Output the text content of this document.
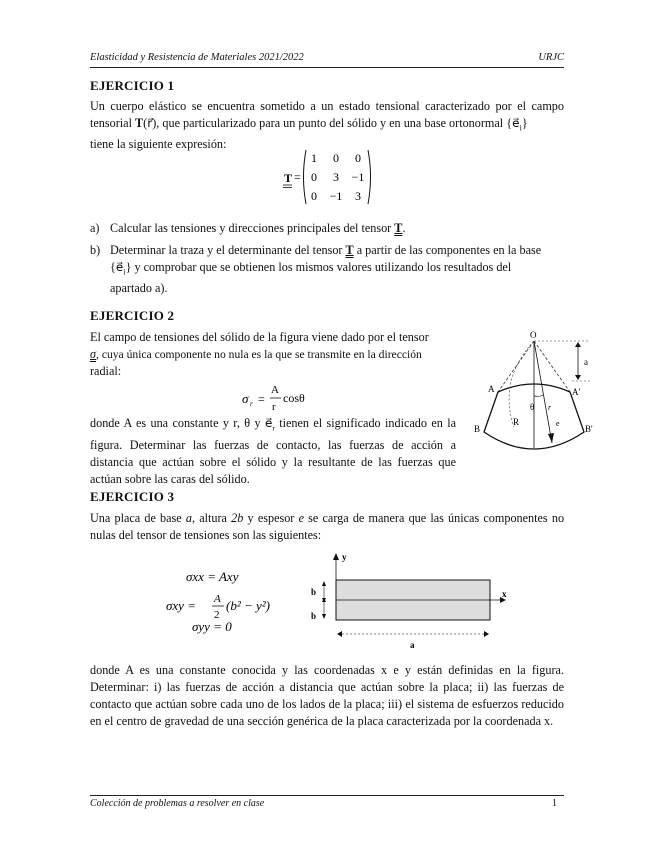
Elasticidad y Resistencia de Materiales 2021/2022	URJC
EJERCICIO 1
Un cuerpo elástico se encuentra sometido a un estado tensional caracterizado por el campo tensorial T(r⃗), que particularizado para un punto del sólido y en una base ortonormal $\{e⃗_i\}$
tiene la siguiente expresión:
T =
1 0 0
0 3 −1
0 −1 3
a) Calcular las tensiones y direcciones principales del tensor T.
b) Determinar la traza y el determinante del tensor T a partir de las componentes en la base
$\{e⃗_i\}$ y comprobar que se obtienen los mismos valores utilizando los resultados del
apartado a).
EJERCICIO 2
El campo de tensiones del sólido de la figura viene dado por el tensor
σ, cuya única componente no nula es la que se transmite en la dirección
radial:
σ r =
A
r
cosθ
donde A es una constante y r, θ y $e⃗_r$ tienen el significado indicado en la figura. Determinar las fuerzas de contacto, las fuerzas de acción a distancia que actúan sobre el sólido y la resultante de las fuerzas que actúan sobre las caras del sólido.
O
a
A	A'
B	B'
R
θ r
e
EJERCICIO 3
Una placa de base a, altura 2b y espesor e se carga de manera que las únicas componentes no nulas del tensor de tensiones son las siguientes:
σxx = Axy
σxy = A
2
(b² − y²)
σyy = 0
y
x
b
b
a
donde A es una constante conocida y las coordenadas x e y están definidas en la figura. Determinar: i) las fuerzas de acción a distancia que actúan sobre la placa; ii) las fuerzas de contacto que actúan sobre cada uno de los lados de la placa; iii) el sistema de esfuerzos reducido en el centro de gravedad de una sección genérica de la placa caracterizada por la coordenada x.
Colección de problemas a resolver en clase	1
